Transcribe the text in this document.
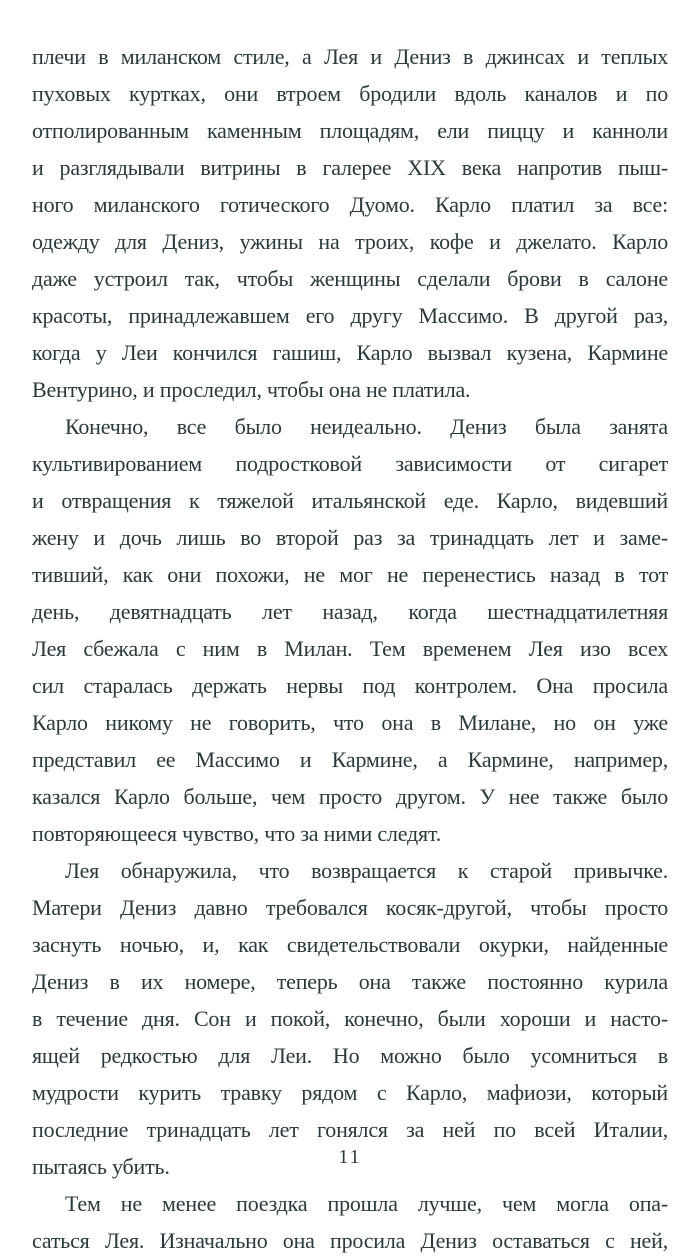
плечи в миланском стиле, а Лея и Дениз в джинсах и теплых
пуховых куртках, они втроем бродили вдоль каналов и по
отполированным каменным площадям, ели пиццу и канноли
и разглядывали витрины в галерее XIX века напротив пыш-
ного миланского готического Дуомо. Карло платил за все:
одежду для Дениз, ужины на троих, кофе и джелато. Карло
даже устроил так, чтобы женщины сделали брови в салоне
красоты, принадлежавшем его другу Массимо. В другой раз,
когда у Леи кончился гашиш, Карло вызвал кузена, Кармине
Вентурино, и проследил, чтобы она не платила.
Конечно, все было неидеально. Дениз была занята
культивированием подростковой зависимости от сигарет
и отвращения к тяжелой итальянской еде. Карло, видевший
жену и дочь лишь во второй раз за тринадцать лет и заме-
тивший, как они похожи, не мог не перенестись назад в тот
день, девятнадцать лет назад, когда шестнадцатилетняя
Лея сбежала с ним в Милан. Тем временем Лея изо всех
сил старалась держать нервы под контролем. Она просила
Карло никому не говорить, что она в Милане, но он уже
представил ее Массимо и Кармине, а Кармине, например,
казался Карло больше, чем просто другом. У нее также было
повторяющееся чувство, что за ними следят.
Лея обнаружила, что возвращается к старой привычке.
Матери Дениз давно требовался косяк-другой, чтобы просто
заснуть ночью, и, как свидетельствовали окурки, найденные
Дениз в их номере, теперь она также постоянно курила
в течение дня. Сон и покой, конечно, были хороши и насто-
ящей редкостью для Леи. Но можно было усомниться в
мудрости курить травку рядом с Карло, мафиози, который
последние тринадцать лет гонялся за ней по всей Италии,
пытаясь убить.
Тем не менее поездка прошла лучше, чем могла опа-
саться Лея. Изначально она просила Дениз оставаться с ней,
11
